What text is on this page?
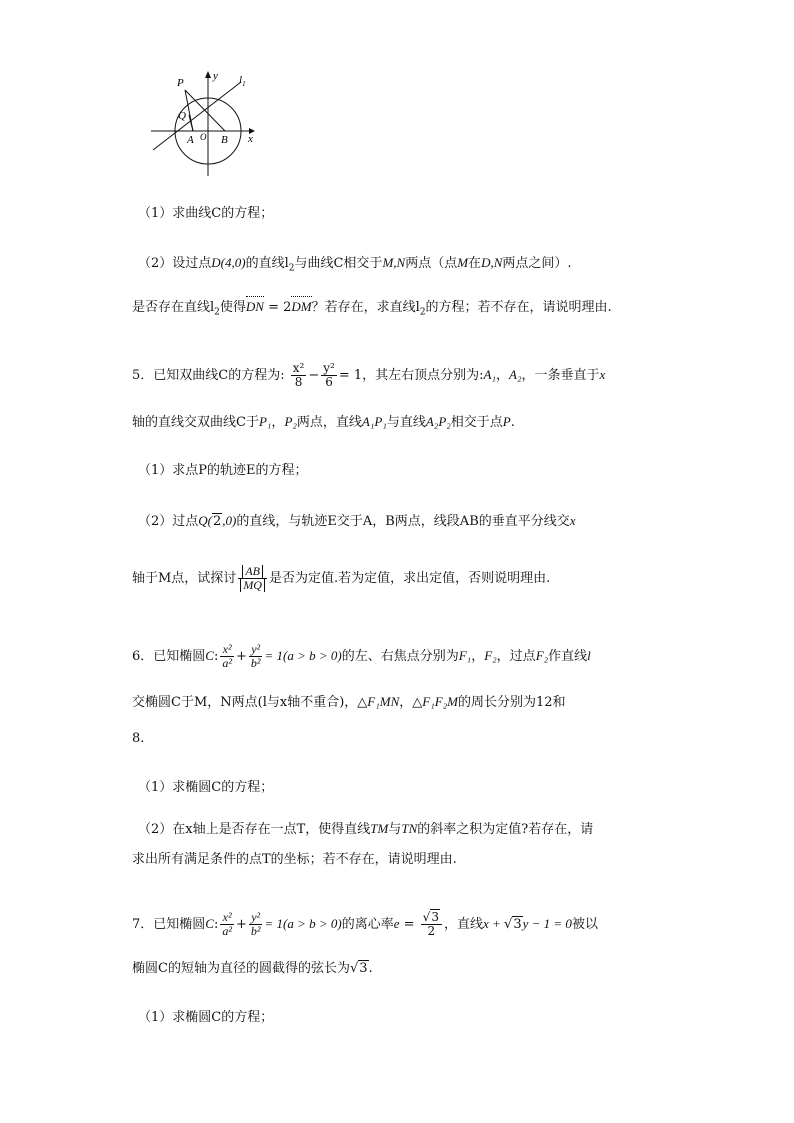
P
y $l_1$
Q
A O B x
（1）求曲线C的方程；
（2）设过点D(4,0)的直线$l_2$与曲线C相交于M,N两点（点M在D,N两点之间）.
是否存在直线$l_2$使得DN = 2DM？若存在，求直线$l_2$的方程；若不存在，请说明理由.
5．已知双曲线C的方程为: $\frac{\text{x²}}{8} - \frac{\text{y²}}{6} = 1$，其左右顶点分别为:A₁，A₂，一条垂直于x
轴的直线交双曲线C于P₁，P₂两点，直线A₁P₁与直线A₂P₂相交于点P.
（1）求点P的轨迹E的方程；
（2）过点Q(2,0)的直线，与轨迹E交于A，B两点，线段AB的垂直平分线交x
轴于M点，试探讨 $\frac{AB}{MQ}$ 是否为定值.若为定值，求出定值，否则说明理由.
6．已知椭圆C: $\frac{\text{x²}}{\text{a²}} + \frac{\text{y²}}{\text{b²}} = 1(a > b > 0)$的左、右焦点分别为F₁，F₂，过点F₂作直线l
交椭圆C于M，N两点(l与x轴不重合)，△F₁MN，△F₁F₂M的周长分别为12和
8.
（1）求椭圆C的方程；
（2）在x轴上是否存在一点T，使得直线TM与TN的斜率之积为定值?若存在，请
求出所有满足条件的点T的坐标；若不存在，请说明理由.
7．已知椭圆C: $\frac{\text{x²}}{\text{a²}} + \frac{\text{y²}}{\text{b²}} = 1(a > b > 0)$的离心率$e = \frac{√3}{2}$ ，直线x + √3y − 1 = 0被以
椭圆C的短轴为直径的圆截得的弦长为√3.
（1）求椭圆C的方程；
